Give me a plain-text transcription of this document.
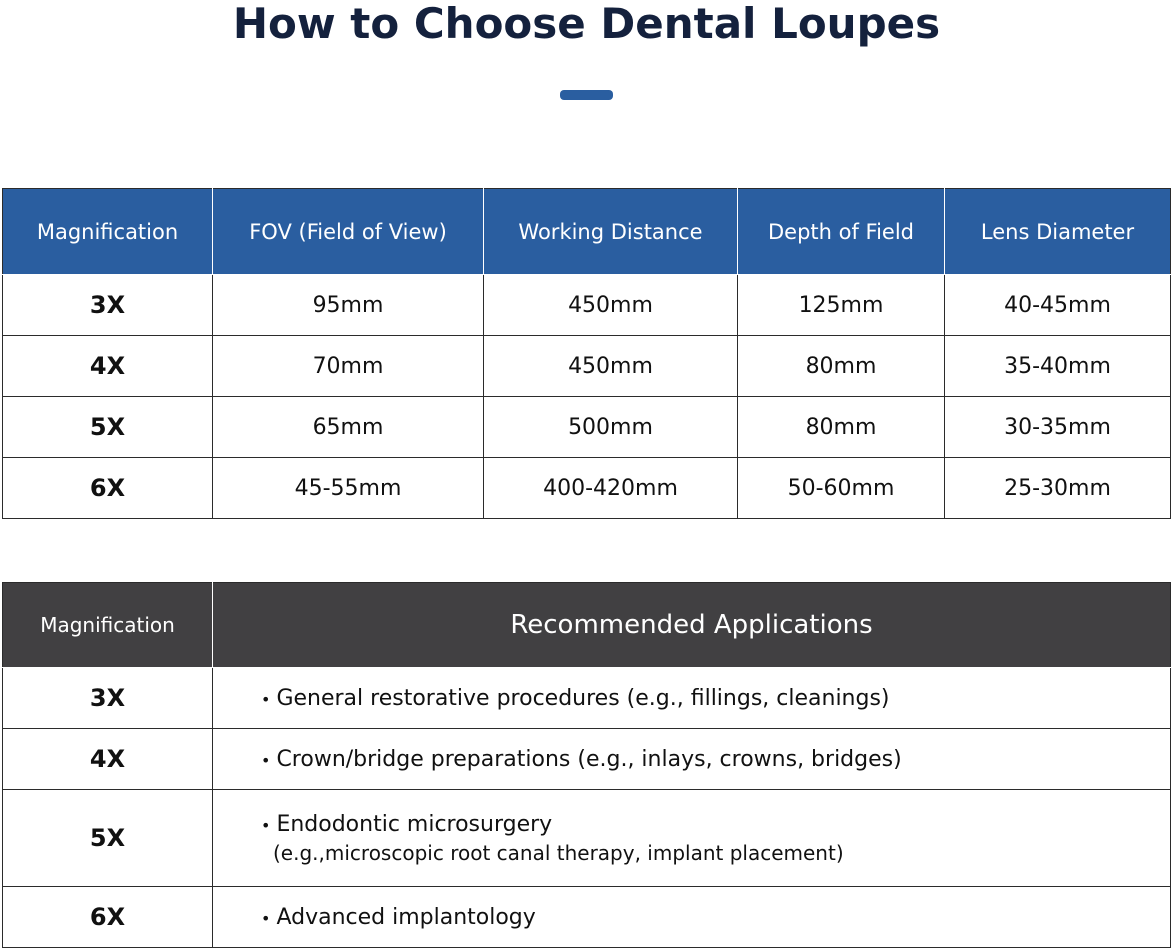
How to Choose Dental Loupes
Magnification	FOV (Field of View)	Working Distance	Depth of Field	Lens Diameter
3X	95mm	450mm	125mm	40-45mm
4X	70mm	450mm	80mm	35-40mm
5X	65mm	500mm	80mm	30-35mm
6X	45-55mm	400-420mm	50-60mm	25-30mm
Magnification	Recommended Applications
3X	• General restorative procedures (e.g., fillings, cleanings)
4X	• Crown/bridge preparations (e.g., inlays, crowns, bridges)
5X	• Endodontic microsurgery
(e.g.,microscopic root canal therapy, implant placement)

6X	• Advanced implantology
